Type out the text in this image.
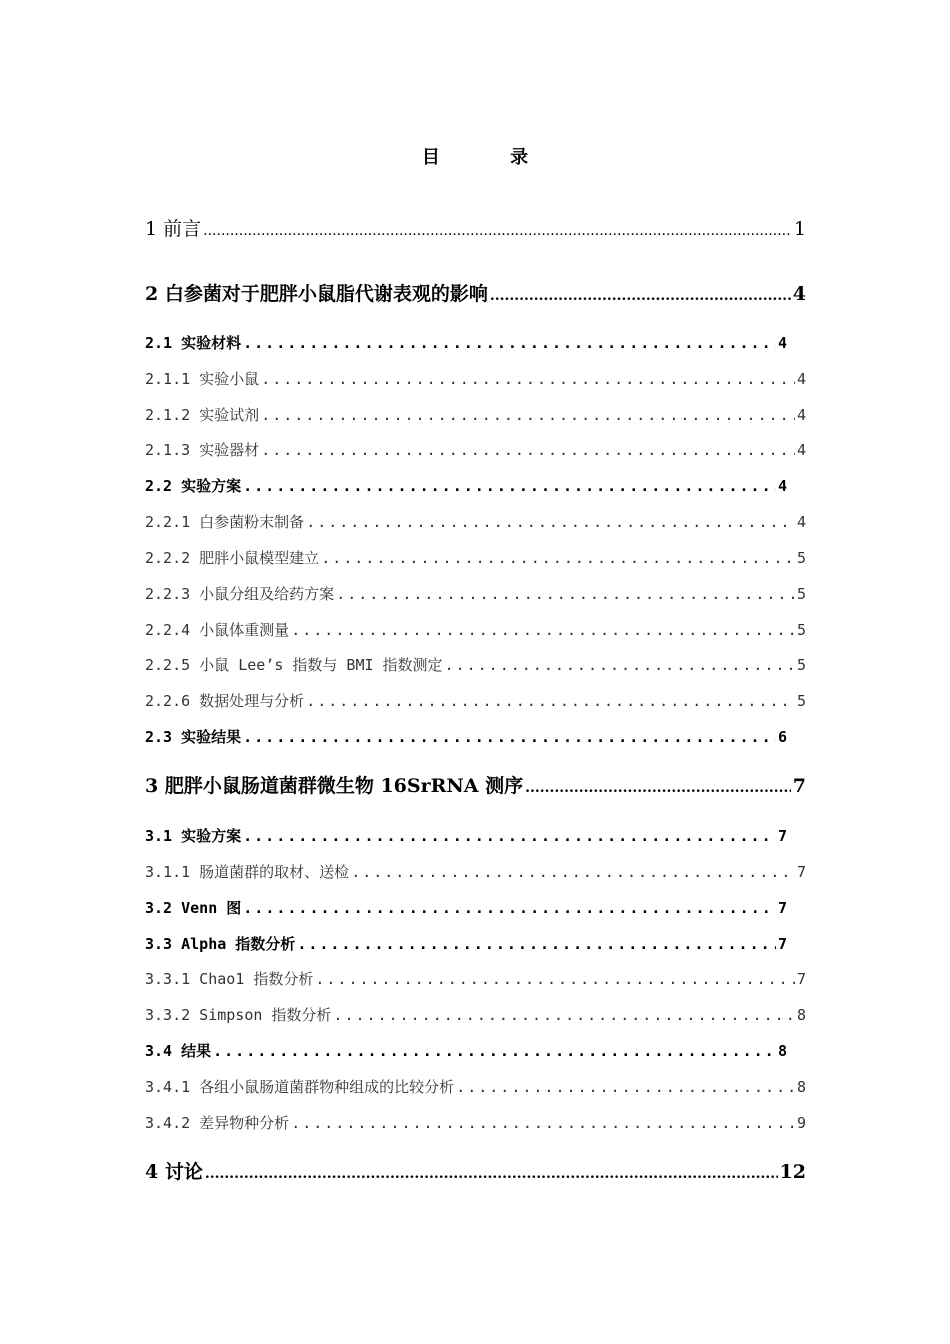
目 录
1 前言 .....	1
2 白参菌对于肥胖小鼠脂代谢表观的影响 .....	4
2.1 实验材料 .....	4
2.1.1 实验小鼠 .....	4
2.1.2 实验试剂 .....	4
2.1.3 实验器材 .....	4
2.2 实验方案 .....	4
2.2.1 白参菌粉末制备 .....	4
2.2.2 肥胖小鼠模型建立 .....	5
2.2.3 小鼠分组及给药方案 .....	5
2.2.4 小鼠体重测量 .....	5
2.2.5 小鼠 Lee’s 指数与 BMI 指数测定 .....	5
2.2.6 数据处理与分析 .....	5
2.3 实验结果 .....	6
3 肥胖小鼠肠道菌群微生物 16SrRNA 测序 .....	7
3.1 实验方案 .....	7
3.1.1 肠道菌群的取材、送检 .....	7
3.2 Venn 图 .....	7
3.3 Alpha 指数分析 .....	7
3.3.1 Chao1 指数分析 .....	7
3.3.2 Simpson 指数分析 .....	8
3.4 结果 .....	8
3.4.1 各组小鼠肠道菌群物种组成的比较分析 .....	8
3.4.2 差异物种分析 .....	9
4 讨论 .....	12
